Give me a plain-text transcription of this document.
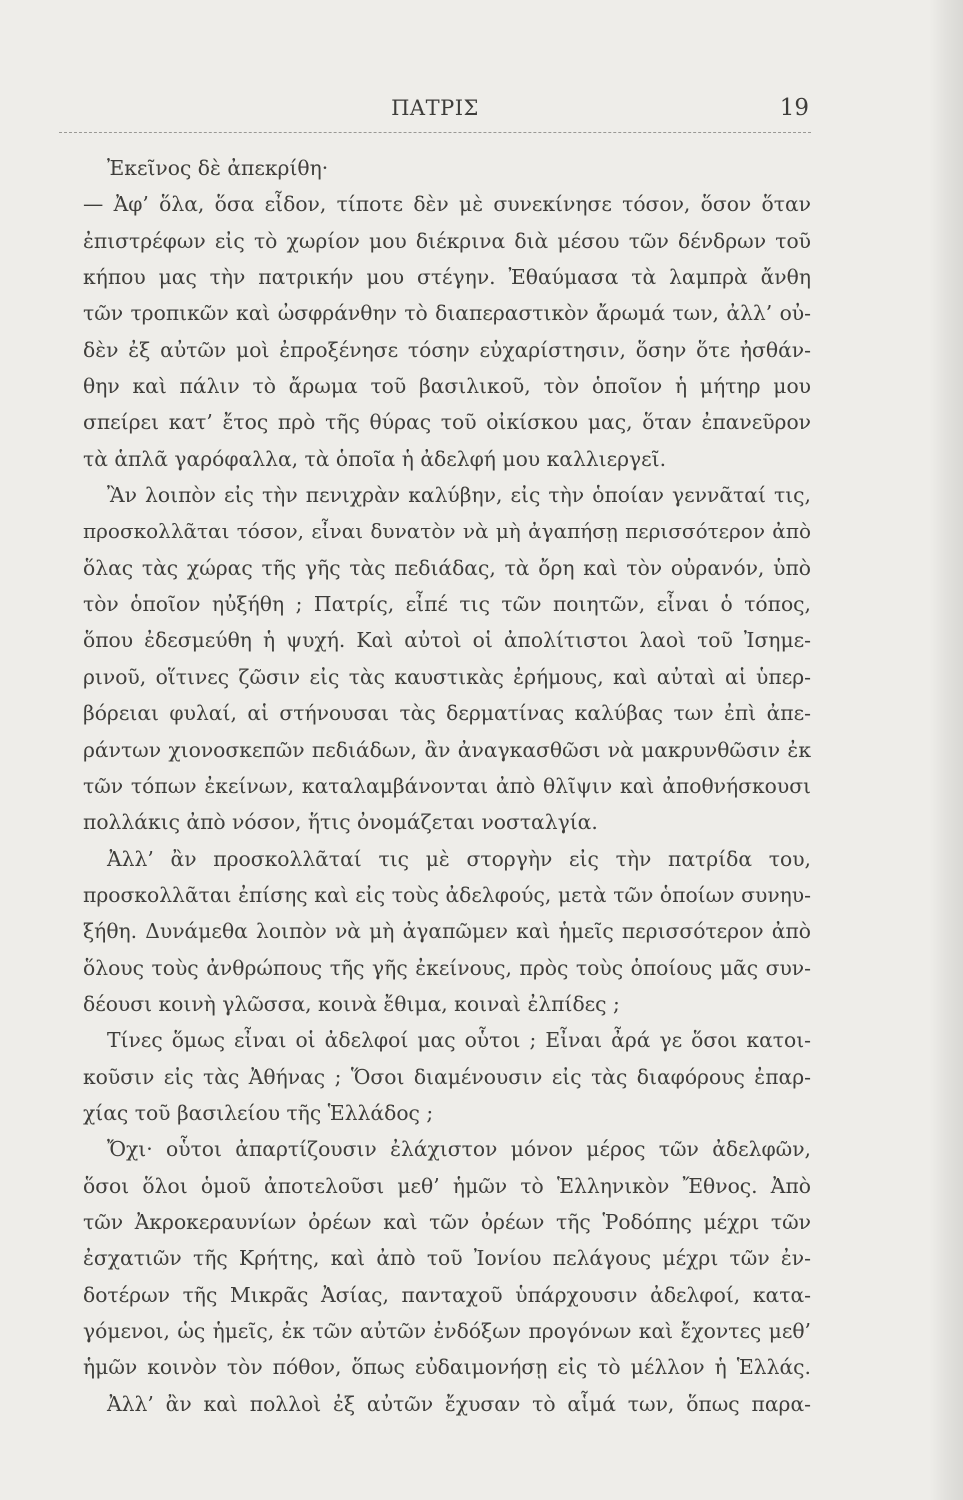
ΠΑΤΡΙΣ	19
Ἐκεῖνος δὲ ἀπεκρίθη·
— Ἀφ’ ὅλα, ὅσα εἶδον, τίποτε δὲν μὲ συνεκίνησε τόσον, ὅσον ὅταν
ἐπιστρέφων εἰς τὸ χωρίον μου διέκρινα διὰ μέσου τῶν δένδρων τοῦ
κήπου μας τὴν πατρικήν μου στέγην. Ἐθαύμασα τὰ λαμπρὰ ἄνθη
τῶν τροπικῶν καὶ ὠσφράνθην τὸ διαπεραστικὸν ἄρωμά των, ἀλλ’ οὐ-
δὲν ἐξ αὐτῶν μοὶ ἐπροξένησε τόσην εὐχαρίστησιν, ὅσην ὅτε ἠσθάν-
θην καὶ πάλιν τὸ ἄρωμα τοῦ βασιλικοῦ, τὸν ὁποῖον ἡ μήτηρ μου
σπείρει κατ’ ἔτος πρὸ τῆς θύρας τοῦ οἰκίσκου μας, ὅταν ἐπανεῦρον
τὰ ἁπλᾶ γαρόφαλλα, τὰ ὁποῖα ἡ ἀδελφή μου καλλιεργεῖ.
Ἂν λοιπὸν εἰς τὴν πενιχρὰν καλύβην, εἰς τὴν ὁποίαν γεννᾶταί τις,
προσκολλᾶται τόσον, εἶναι δυνατὸν νὰ μὴ ἀγαπήσῃ περισσότερον ἀπὸ
ὅλας τὰς χώρας τῆς γῆς τὰς πεδιάδας, τὰ ὄρη καὶ τὸν οὐρανόν, ὑπὸ
τὸν ὁποῖον ηὐξήθη ; Πατρίς, εἶπέ τις τῶν ποιητῶν, εἶναι ὁ τόπος,
ὅπου ἐδεσμεύθη ἡ ψυχή. Καὶ αὐτοὶ οἱ ἀπολίτιστοι λαοὶ τοῦ Ἰσημε-
ρινοῦ, οἵτινες ζῶσιν εἰς τὰς καυστικὰς ἐρήμους, καὶ αὐταὶ αἱ ὑπερ-
βόρειαι φυλαί, αἱ στήνουσαι τὰς δερματίνας καλύβας των ἐπὶ ἀπε-
ράντων χιονοσκεπῶν πεδιάδων, ἂν ἀναγκασθῶσι νὰ μακρυνθῶσιν ἐκ
τῶν τόπων ἐκείνων, καταλαμβάνονται ἀπὸ θλῖψιν καὶ ἀποθνήσκουσι
πολλάκις ἀπὸ νόσον, ἥτις ὀνομάζεται νοσταλγία.
Ἀλλ’ ἂν προσκολλᾶταί τις μὲ στοργὴν εἰς τὴν πατρίδα του,
προσκολλᾶται ἐπίσης καὶ εἰς τοὺς ἀδελφούς, μετὰ τῶν ὁποίων συνηυ-
ξήθη. Δυνάμεθα λοιπὸν νὰ μὴ ἀγαπῶμεν καὶ ἡμεῖς περισσότερον ἀπὸ
ὅλους τοὺς ἀνθρώπους τῆς γῆς ἐκείνους, πρὸς τοὺς ὁποίους μᾶς συν-
δέουσι κοινὴ γλῶσσα, κοινὰ ἔθιμα, κοιναὶ ἐλπίδες ;
Τίνες ὅμως εἶναι οἱ ἀδελφοί μας οὗτοι ; Εἶναι ἆρά γε ὅσοι κατοι-
κοῦσιν εἰς τὰς Ἀθήνας ; Ὅσοι διαμένουσιν εἰς τὰς διαφόρους ἐπαρ-
χίας τοῦ βασιλείου τῆς Ἑλλάδος ;
Ὄχι· οὗτοι ἀπαρτίζουσιν ἐλάχιστον μόνον μέρος τῶν ἀδελφῶν,
ὅσοι ὅλοι ὁμοῦ ἀποτελοῦσι μεθ’ ἡμῶν τὸ Ἑλληνικὸν Ἔθνος. Ἀπὸ
τῶν Ἀκροκεραυνίων ὀρέων καὶ τῶν ὀρέων τῆς Ῥοδόπης μέχρι τῶν
ἐσχατιῶν τῆς Κρήτης, καὶ ἀπὸ τοῦ Ἰονίου πελάγους μέχρι τῶν ἐν-
δοτέρων τῆς Μικρᾶς Ἀσίας, πανταχοῦ ὑπάρχουσιν ἀδελφοί, κατα-
γόμενοι, ὡς ἡμεῖς, ἐκ τῶν αὐτῶν ἐνδόξων προγόνων καὶ ἔχοντες μεθ’
ἡμῶν κοινὸν τὸν πόθον, ὅπως εὐδαιμονήσῃ εἰς τὸ μέλλον ἡ Ἑλλάς.
Ἀλλ’ ἂν καὶ πολλοὶ ἐξ αὐτῶν ἔχυσαν τὸ αἷμά των, ὅπως παρα-
